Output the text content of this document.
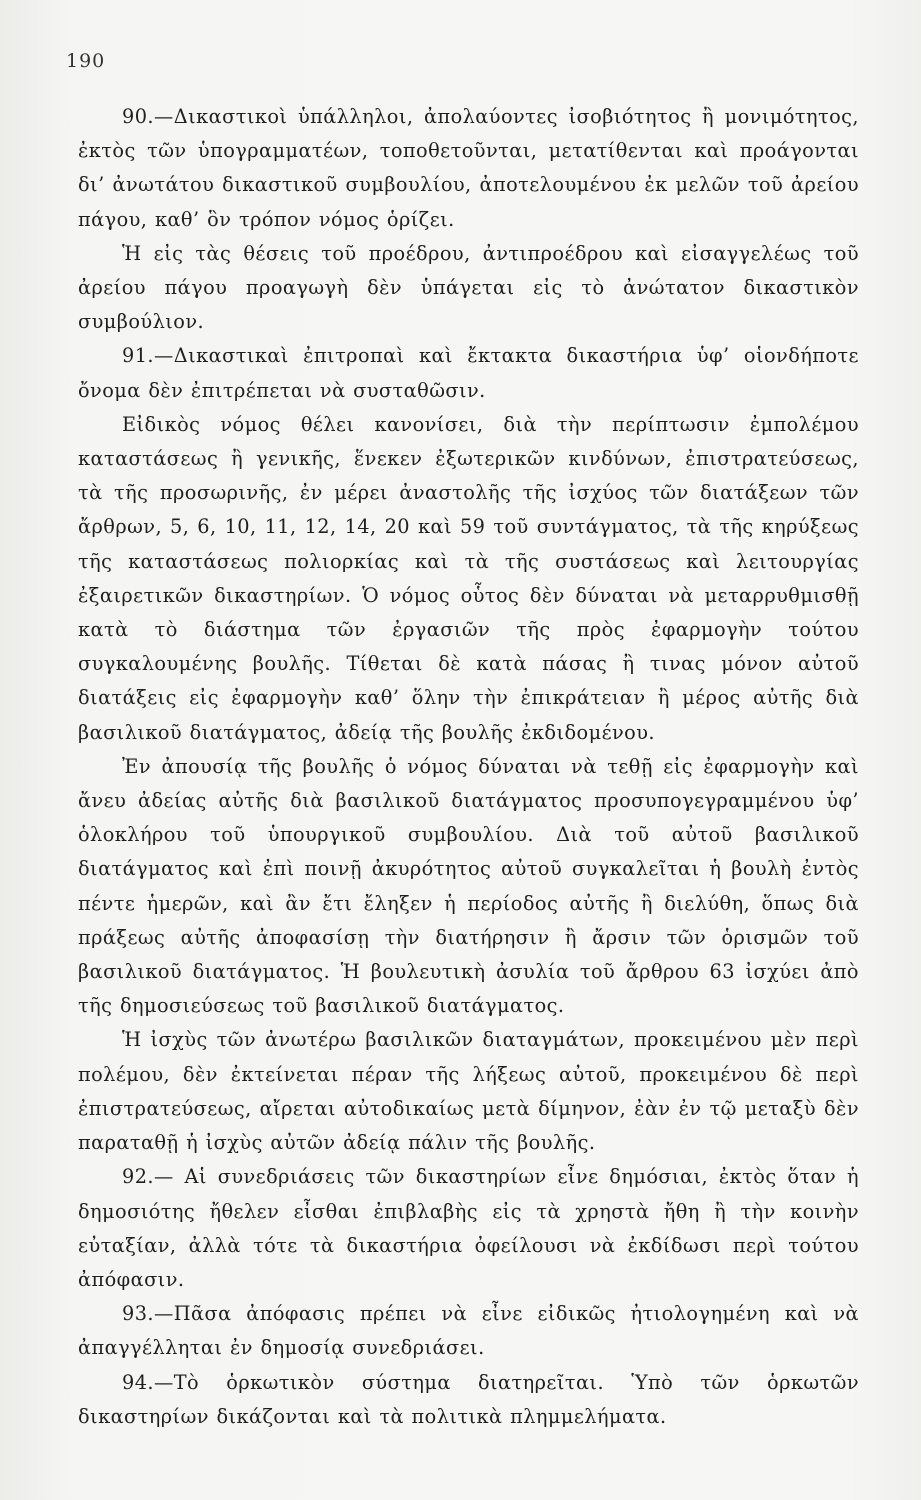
190

90.—Δικαστικοὶ ὑπάλληλοι, ἀπολαύοντες ἰσοβιότητος ἢ μονιμότητος, ἐκτὸς τῶν ὑπογραμματέων, τοποθετοῦνται, μετατίθενται καὶ προάγονται δι’ ἀνωτάτου δικαστικοῦ συμβουλίου, ἀποτελουμένου ἐκ μελῶν τοῦ ἀρείου πάγου, καθ’ ὃν τρόπον νόμος ὁρίζει.

Ἡ εἰς τὰς θέσεις τοῦ προέδρου, ἀντιπροέδρου καὶ εἰσαγγελέως τοῦ ἀρείου πάγου προαγωγὴ δὲν ὑπάγεται εἰς τὸ ἀνώτατον δικαστικὸν συμβούλιον.

91.—Δικαστικαὶ ἐπιτροπαὶ καὶ ἔκτακτα δικαστήρια ὑφ’ οἱονδήποτε ὄνομα δὲν ἐπιτρέπεται νὰ συσταθῶσιν.

Εἰδικὸς νόμος θέλει κανονίσει, διὰ τὴν περίπτωσιν ἐμπολέμου καταστάσεως ἢ γενικῆς, ἕνεκεν ἐξωτερικῶν κινδύνων, ἐπιστρατεύσεως, τὰ τῆς προσωρινῆς, ἐν μέρει ἀναστολῆς τῆς ἰσχύος τῶν διατάξεων τῶν ἄρθρων, 5, 6, 10, 11, 12, 14, 20 καὶ 59 τοῦ συντάγματος, τὰ τῆς κηρύξεως τῆς καταστάσεως πολιορκίας καὶ τὰ τῆς συστάσεως καὶ λειτουργίας ἐξαιρετικῶν δικαστηρίων. Ὁ νόμος οὗτος δὲν δύναται νὰ μεταρρυθμισθῇ κατὰ τὸ διάστημα τῶν ἐργασιῶν τῆς πρὸς ἐφαρμογὴν τούτου συγκαλουμένης βουλῆς. Τίθεται δὲ κατὰ πάσας ἢ τινας μόνον αὐτοῦ διατάξεις εἰς ἐφαρμογὴν καθ’ ὅλην τὴν ἐπικράτειαν ἢ μέρος αὐτῆς διὰ βασιλικοῦ διατάγματος, ἀδείᾳ τῆς βουλῆς ἐκδιδομένου.

Ἐν ἀπουσίᾳ τῆς βουλῆς ὁ νόμος δύναται νὰ τεθῇ εἰς ἐφαρμογὴν καὶ ἄνευ ἀδείας αὐτῆς διὰ βασιλικοῦ διατάγματος προσυπογεγραμμένου ὑφ’ ὁλοκλήρου τοῦ ὑπουργικοῦ συμβουλίου. Διὰ τοῦ αὐτοῦ βασιλικοῦ διατάγματος καὶ ἐπὶ ποινῇ ἀκυρότητος αὐτοῦ συγκαλεῖται ἡ βουλὴ ἐντὸς πέντε ἡμερῶν, καὶ ἂν ἔτι ἔληξεν ἡ περίοδος αὐτῆς ἢ διελύθη, ὅπως διὰ πράξεως αὐτῆς ἀποφασίσῃ τὴν διατήρησιν ἢ ἄρσιν τῶν ὁρισμῶν τοῦ βασιλικοῦ διατάγματος. Ἡ βουλευτικὴ ἀσυλία τοῦ ἄρθρου 63 ἰσχύει ἀπὸ τῆς δημοσιεύσεως τοῦ βασιλικοῦ διατάγματος.

Ἡ ἰσχὺς τῶν ἀνωτέρω βασιλικῶν διαταγμάτων, προκειμένου μὲν περὶ πολέμου, δὲν ἐκτείνεται πέραν τῆς λήξεως αὐτοῦ, προκειμένου δὲ περὶ ἐπιστρατεύσεως, αἴρεται αὐτοδικαίως μετὰ δίμηνον, ἐὰν ἐν τῷ μεταξὺ δὲν παραταθῇ ἡ ἰσχὺς αὐτῶν ἀδείᾳ πάλιν τῆς βουλῆς.

92.— Αἱ συνεδριάσεις τῶν δικαστηρίων εἶνε δημόσιαι, ἐκτὸς ὅταν ἡ δημοσιότης ἤθελεν εἶσθαι ἐπιβλαβὴς εἰς τὰ χρηστὰ ἤθη ἢ τὴν κοινὴν εὐταξίαν, ἀλλὰ τότε τὰ δικαστήρια ὀφείλουσι νὰ ἐκδίδωσι περὶ τούτου ἀπόφασιν.

93.—Πᾶσα ἀπόφασις πρέπει νὰ εἶνε εἰδικῶς ἠτιολογημένη καὶ νὰ ἀπαγγέλληται ἐν δημοσίᾳ συνεδριάσει.

94.—Τὸ ὁρκωτικὸν σύστημα διατηρεῖται. Ὑπὸ τῶν ὁρκωτῶν δικαστηρίων δικάζονται καὶ τὰ πολιτικὰ πλημμελήματα.
